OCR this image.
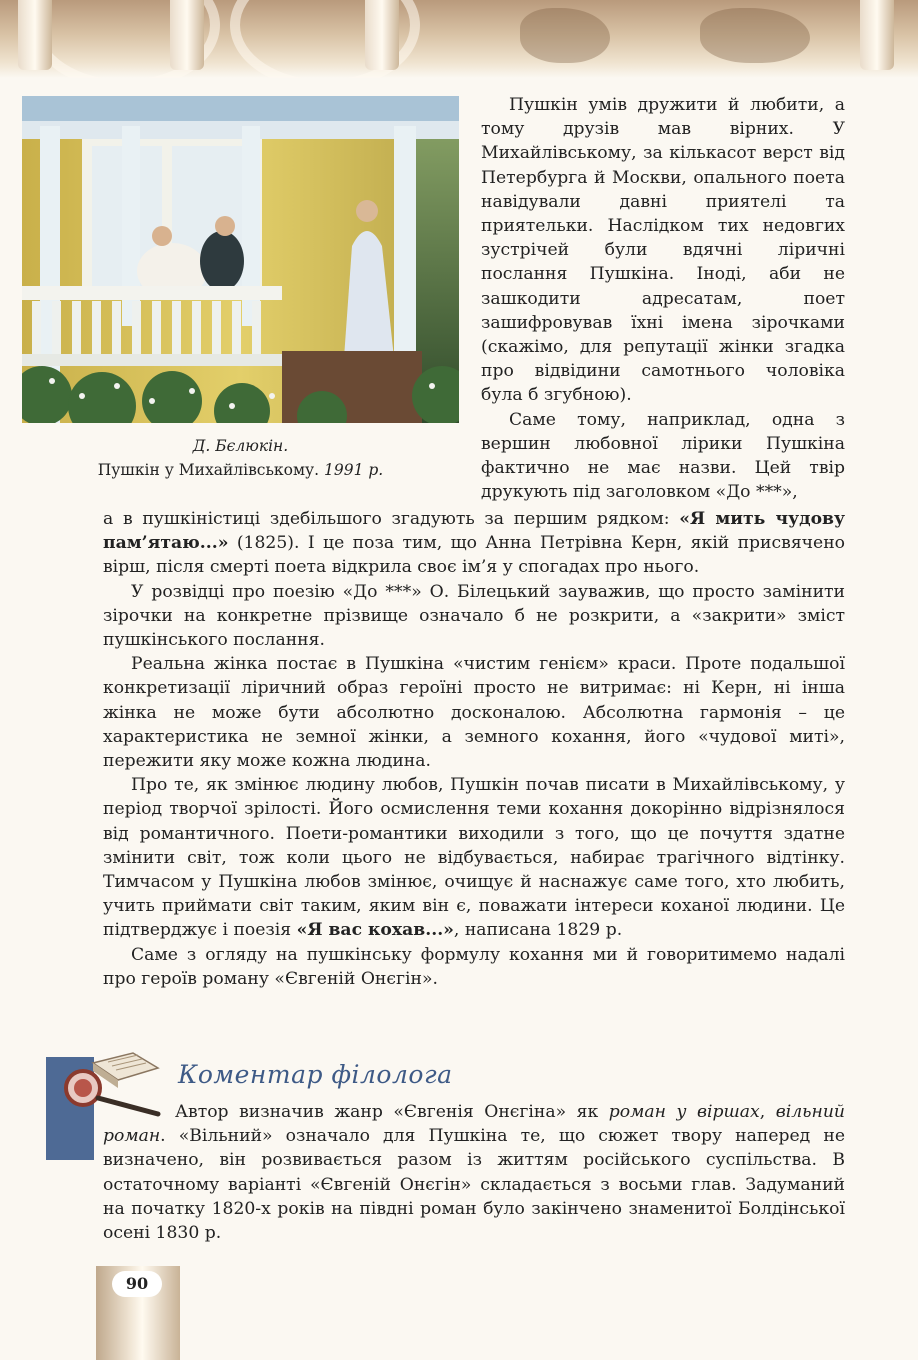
Д. Бєлюкін.
Пушкін у Михайлівському. 1991 р.

Пушкін умів дружити й любити, а тому друзів мав вірних. У Михайлівському, за кількасот верст від Петербурга й Москви, опального поета навідували давні приятелі та приятельки. Наслідком тих недовгих зустрічей були вдячні ліричні послання Пушкіна. Іноді, аби не зашкодити адресатам, поет зашифровував їхні імена зірочками (скажімо, для репутації жінки згадка про відвідини самотнього чоловіка була б згубною).

Саме тому, наприклад, одна з вершин любовної лірики Пушкіна фактично не має назви. Цей твір друкують під заголовком «До ***»,

а в пушкіністиці здебільшого згадують за першим рядком: «Я мить чудову пам’ятаю...» (1825). І це поза тим, що Анна Петрівна Керн, якій присвячено вірш, після смерті поета відкрила своє ім’я у спогадах про нього.

У розвідці про поезію «До ***» О. Білецький зауважив, що просто замінити зірочки на конкретне прізвище означало б не розкрити, а «закрити» зміст пушкінського послання.

Реальна жінка постає в Пушкіна «чистим генієм» краси. Проте подальшої конкретизації ліричний образ героїні просто не витримає: ні Керн, ні інша жінка не може бути абсолютно досконалою. Абсолютна гармонія – це характеристика не земної жінки, а земного кохання, його «чудової миті», пережити яку може кожна людина.

Про те, як змінює людину любов, Пушкін почав писати в Михайлівському, у період творчої зрілості. Його осмислення теми кохання докорінно відрізнялося від романтичного. Поети-романтики виходили з того, що це почуття здатне змінити світ, тож коли цього не відбувається, набирає трагічного відтінку. Тимчасом у Пушкіна любов змінює, очищує й наснажує саме того, хто любить, учить приймати світ таким, яким він є, поважати інтереси коханої людини. Це підтверджує і поезія «Я вас кохав...», написана 1829 р.

Саме з огляду на пушкінську формулу кохання ми й говоритимемо надалі про героїв роману «Євгеній Онєгін».

Коментар філолога

Автор визначив жанр «Євгенія Онєгіна» як роман у віршах, вільний роман. «Вільний» означало для Пушкіна те, що сюжет твору наперед не визначено, він розвивається разом із життям російського суспільства. В остаточному варіанті «Євгеній Онєгін» складається з восьми глав. Задуманий на початку 1820-х років на півдні роман було закінчено знаменитої Болдінської осені 1830 р.

90
